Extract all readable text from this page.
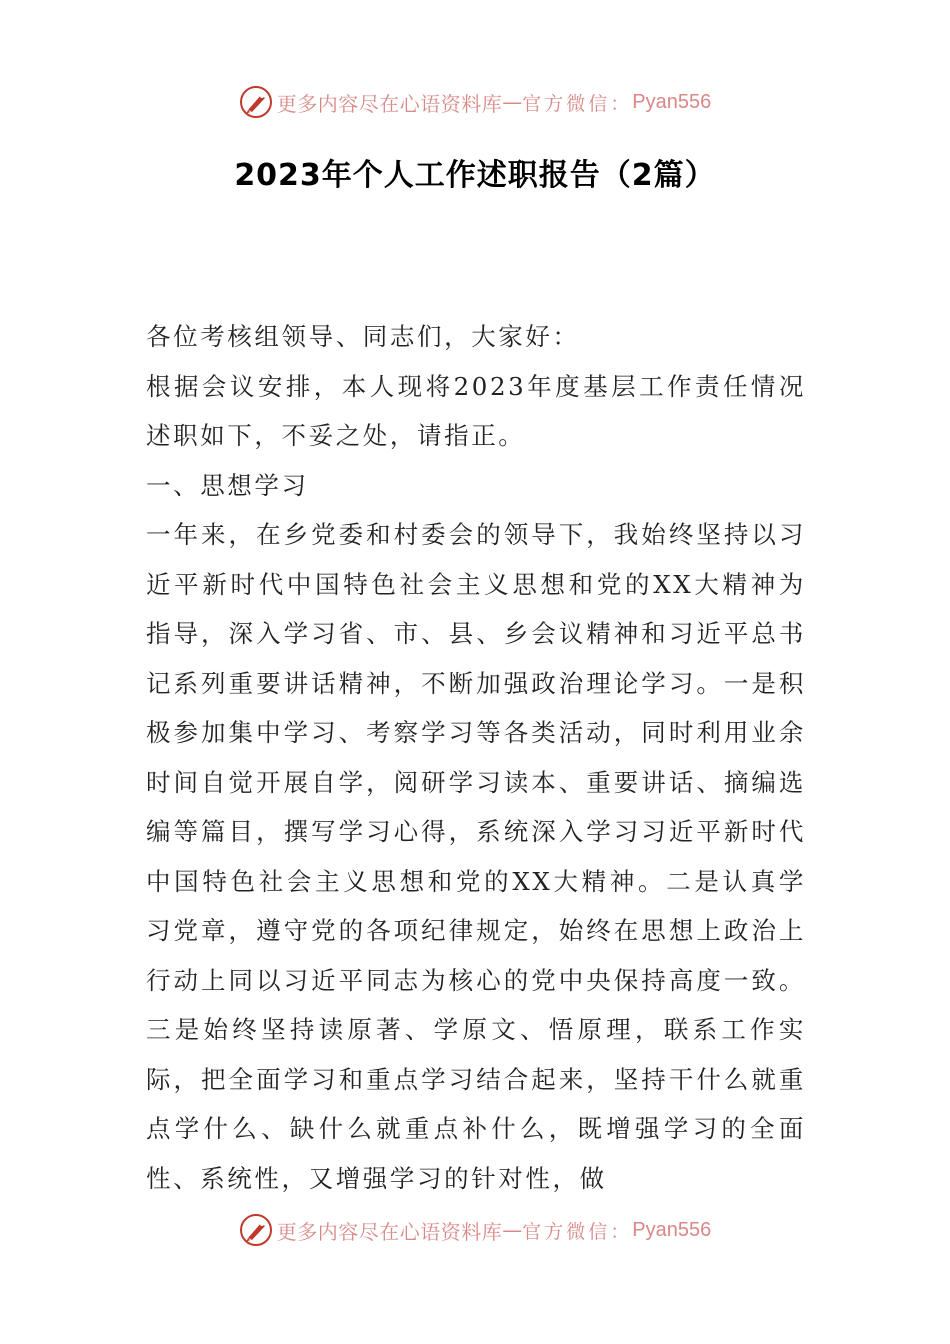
更多内容尽在心语资料库 — 官方微信： Pyan556
2023年个人工作述职报告（2篇）

各位考核组领导、同志们，大家好：

根据会议安排，本人现将2023年度基层工作责任情况述职如下，不妥之处，请指正。

一、思想学习

一年来，在乡党委和村委会的领导下，我始终坚持以习近平新时代中国特色社会主义思想和党的XX大精神为指导，深入学习省、市、县、乡会议精神和习近平总书记系列重要讲话精神，不断加强政治理论学习。一是积极参加集中学习、考察学习等各类活动，同时利用业余时间自觉开展自学，阅研学习读本、重要讲话、摘编选编等篇目，撰写学习心得，系统深入学习习近平新时代中国特色社会主义思想和党的XX大精神。二是认真学习党章，遵守党的各项纪律规定，始终在思想上政治上行动上同以习近平同志为核心的党中央保持高度一致。三是始终坚持读原著、学原文、悟原理，联系工作实际，把全面学习和重点学习结合起来，坚持干什么就重点学什么、缺什么就重点补什么，既增强学习的全面性、系统性，又增强学习的针对性，做

更多内容尽在心语资料库 — 官方微信： Pyan556
